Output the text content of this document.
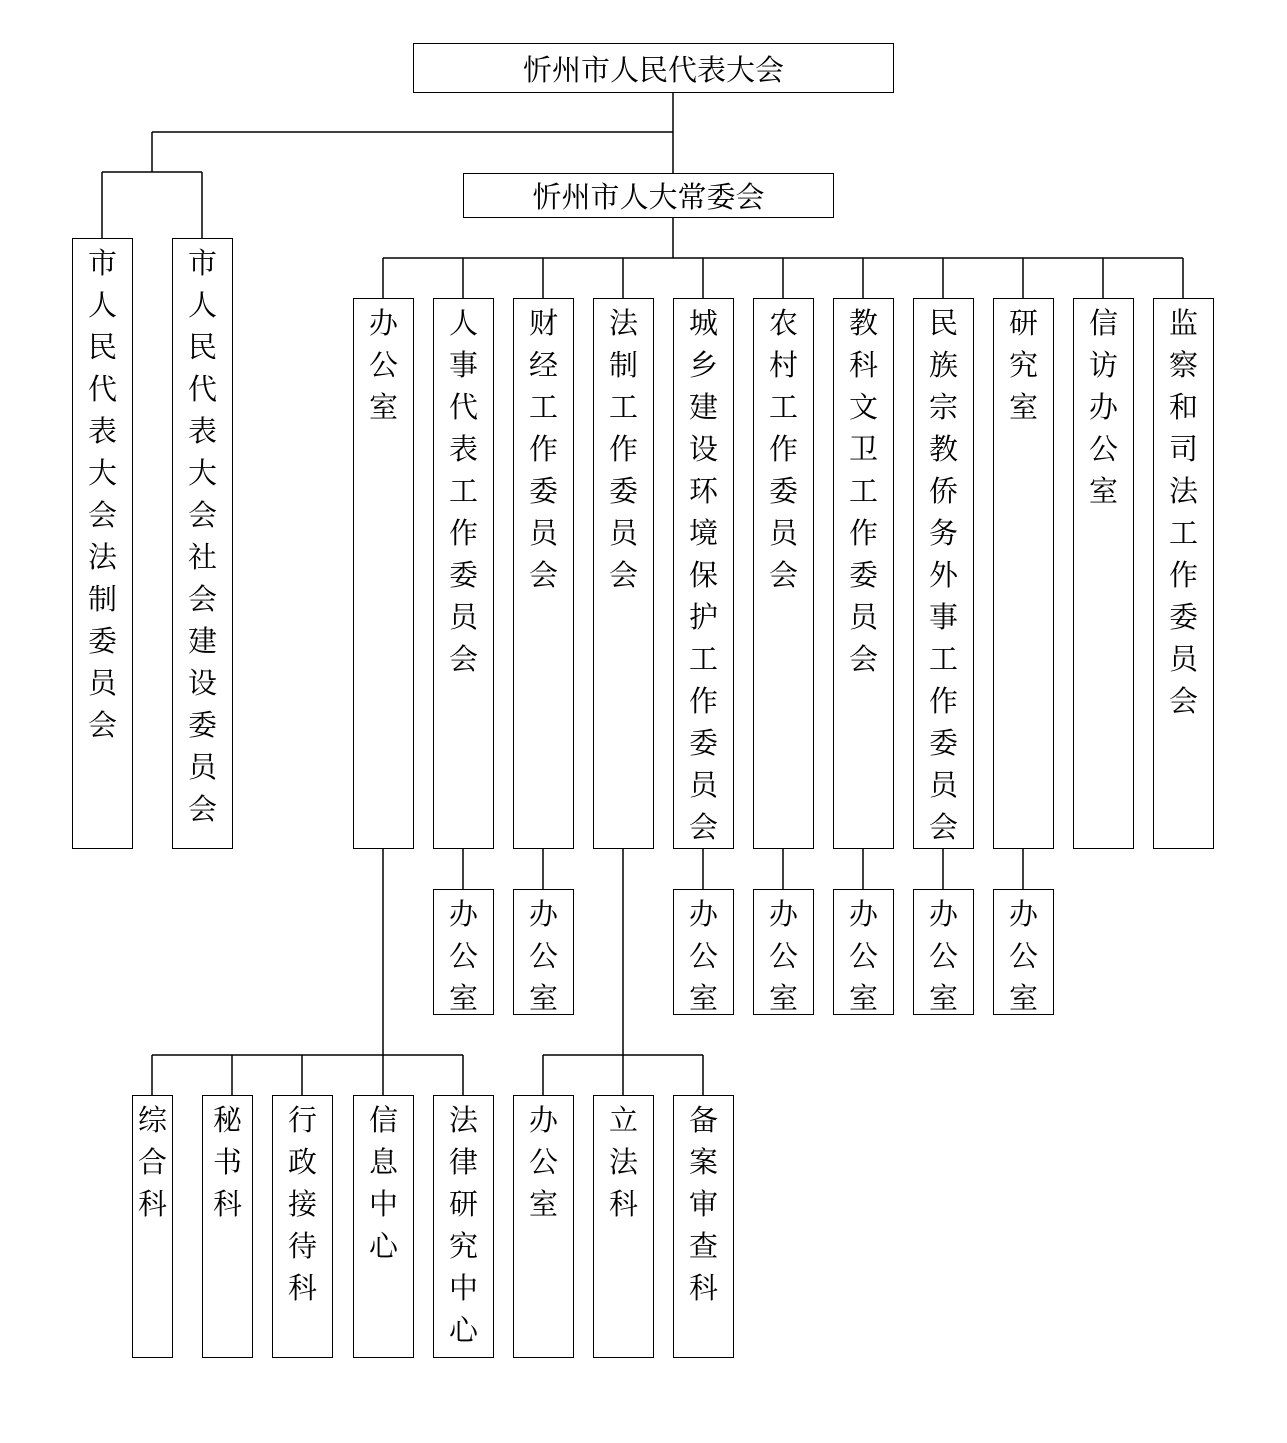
忻州市人民代表大会
忻州市人大常委会
市人民代表大会法制委员会
市人民代表大会社会建设委员会
办公室
人事代表工作委员会
财经工作委员会
法制工作委员会
城乡建设环境保护工作委员会
农村工作委员会
教科文卫工作委员会
民族宗教侨务外事工作委员会
研究室
信访办公室
监察和司法工作委员会
办公室
办公室
办公室
办公室
办公室
办公室
办公室
综合科
秘书科
行政接待科
信息中心
法律研究中心
办公室
立法科
备案审查科
